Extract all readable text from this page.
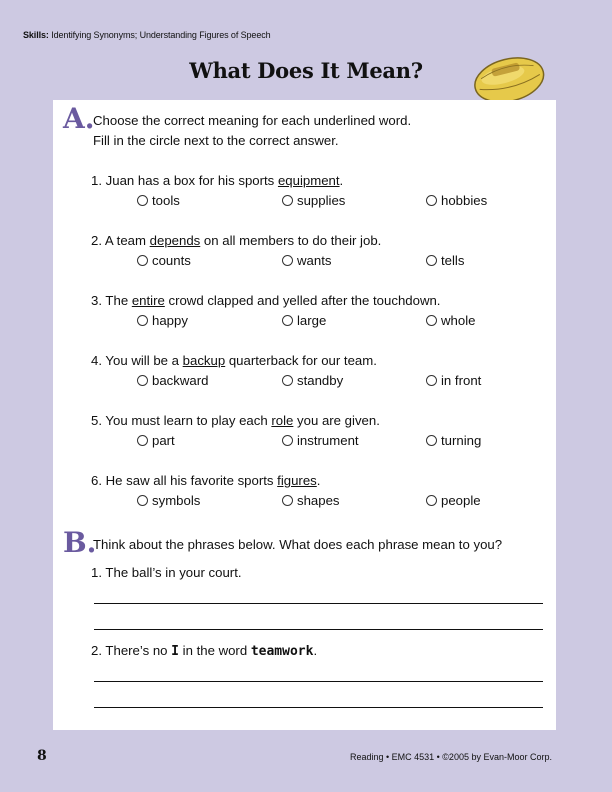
Skills: Identifying Synonyms; Understanding Figures of Speech
What Does It Mean?
A.
Choose the correct meaning for each underlined word.
Fill in the circle next to the correct answer.
1. Juan has a box for his sports equipment.
tools	supplies	hobbies
2. A team depends on all members to do their job.
counts	wants	tells
3. The entire crowd clapped and yelled after the touchdown.
happy	large	whole
4. You will be a backup quarterback for our team.
backward	standby	in front
5. You must learn to play each role you are given.
part	instrument	turning
6. He saw all his favorite sports figures.
symbols	shapes	people
B.
Think about the phrases below. What does each phrase mean to you?
1. The ball’s in your court.
2. There’s no I in the word teamwork.
8	Reading • EMC 4531 • ©2005 by Evan-Moor Corp.
